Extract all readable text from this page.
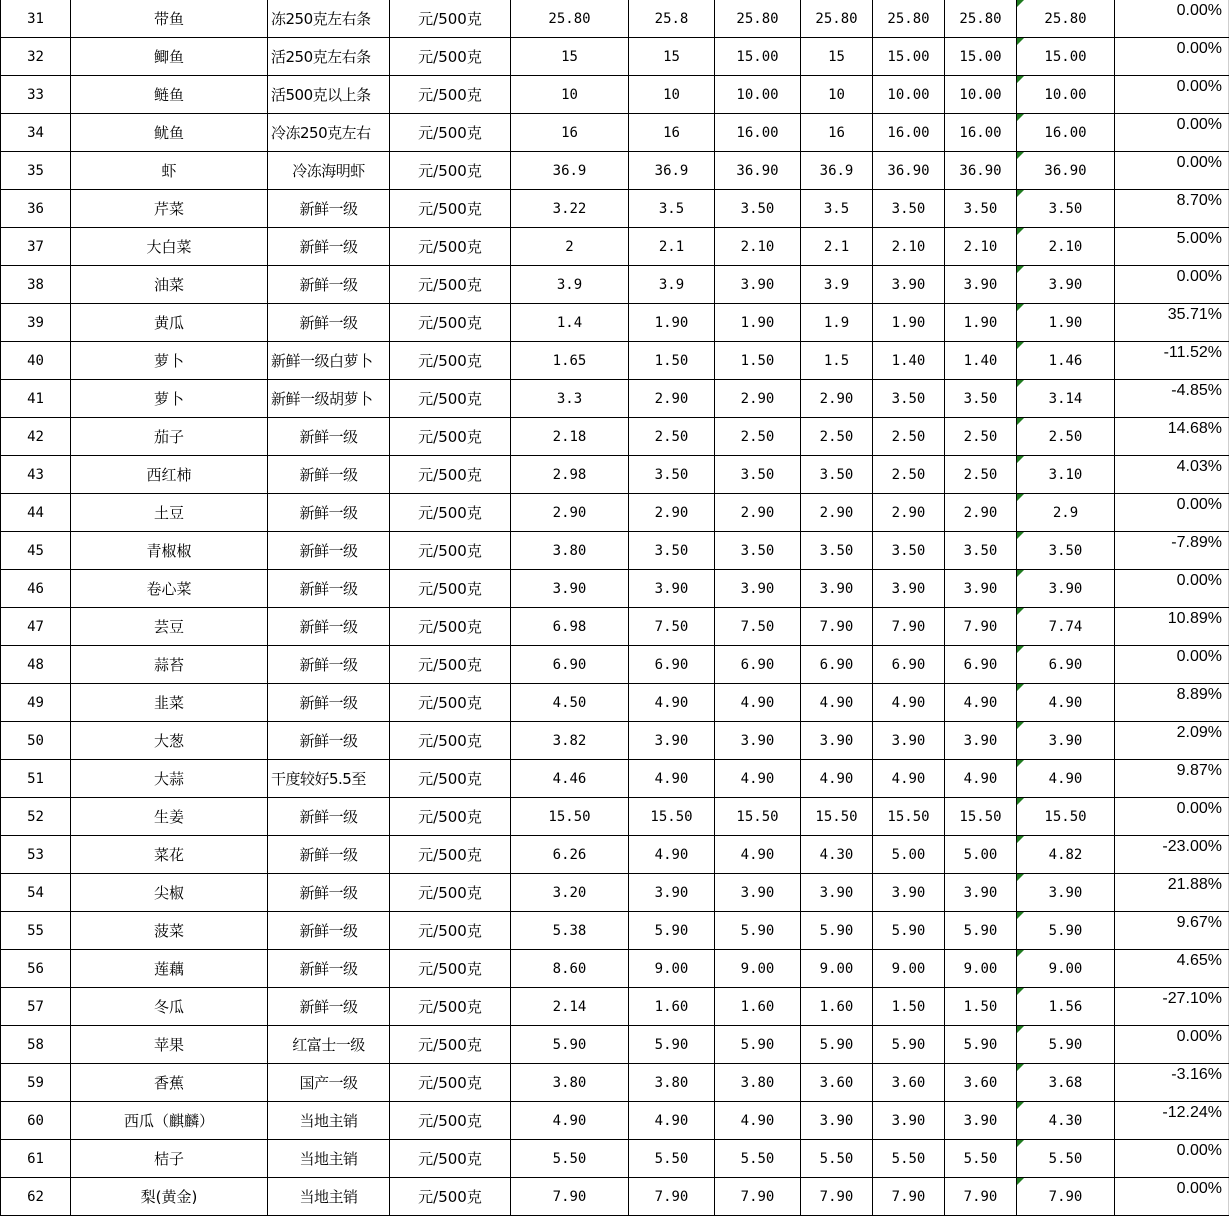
31	带鱼	冻250克左右条	元/500克	25.80	25.8	25.80	25.80	25.80	25.80	25.80	0.00%
32	鲫鱼	活250克左右条	元/500克	15	15	15.00	15	15.00	15.00	15.00	0.00%
33	鲢鱼	活500克以上条	元/500克	10	10	10.00	10	10.00	10.00	10.00	0.00%
34	鱿鱼	冷冻250克左右	元/500克	16	16	16.00	16	16.00	16.00	16.00	0.00%
35	虾	冷冻海明虾	元/500克	36.9	36.9	36.90	36.9	36.90	36.90	36.90	0.00%
36	芹菜	新鲜一级	元/500克	3.22	3.5	3.50	3.5	3.50	3.50	3.50	8.70%
37	大白菜	新鲜一级	元/500克	2	2.1	2.10	2.1	2.10	2.10	2.10	5.00%
38	油菜	新鲜一级	元/500克	3.9	3.9	3.90	3.9	3.90	3.90	3.90	0.00%
39	黄瓜	新鲜一级	元/500克	1.4	1.90	1.90	1.9	1.90	1.90	1.90	35.71%
40	萝卜	新鲜一级白萝卜	元/500克	1.65	1.50	1.50	1.5	1.40	1.40	1.46	-11.52%
41	萝卜	新鲜一级胡萝卜	元/500克	3.3	2.90	2.90	2.90	3.50	3.50	3.14	-4.85%
42	茄子	新鲜一级	元/500克	2.18	2.50	2.50	2.50	2.50	2.50	2.50	14.68%
43	西红柿	新鲜一级	元/500克	2.98	3.50	3.50	3.50	2.50	2.50	3.10	4.03%
44	土豆	新鲜一级	元/500克	2.90	2.90	2.90	2.90	2.90	2.90	2.9	0.00%
45	青椒椒	新鲜一级	元/500克	3.80	3.50	3.50	3.50	3.50	3.50	3.50	-7.89%
46	卷心菜	新鲜一级	元/500克	3.90	3.90	3.90	3.90	3.90	3.90	3.90	0.00%
47	芸豆	新鲜一级	元/500克	6.98	7.50	7.50	7.90	7.90	7.90	7.74	10.89%
48	蒜苔	新鲜一级	元/500克	6.90	6.90	6.90	6.90	6.90	6.90	6.90	0.00%
49	韭菜	新鲜一级	元/500克	4.50	4.90	4.90	4.90	4.90	4.90	4.90	8.89%
50	大葱	新鲜一级	元/500克	3.82	3.90	3.90	3.90	3.90	3.90	3.90	2.09%
51	大蒜	干度较好5.5至	元/500克	4.46	4.90	4.90	4.90	4.90	4.90	4.90	9.87%
52	生姜	新鲜一级	元/500克	15.50	15.50	15.50	15.50	15.50	15.50	15.50	0.00%
53	菜花	新鲜一级	元/500克	6.26	4.90	4.90	4.30	5.00	5.00	4.82	-23.00%
54	尖椒	新鲜一级	元/500克	3.20	3.90	3.90	3.90	3.90	3.90	3.90	21.88%
55	菠菜	新鲜一级	元/500克	5.38	5.90	5.90	5.90	5.90	5.90	5.90	9.67%
56	莲藕	新鲜一级	元/500克	8.60	9.00	9.00	9.00	9.00	9.00	9.00	4.65%
57	冬瓜	新鲜一级	元/500克	2.14	1.60	1.60	1.60	1.50	1.50	1.56	-27.10%
58	苹果	红富士一级	元/500克	5.90	5.90	5.90	5.90	5.90	5.90	5.90	0.00%
59	香蕉	国产一级	元/500克	3.80	3.80	3.80	3.60	3.60	3.60	3.68	-3.16%
60	西瓜（麒麟）	当地主销	元/500克	4.90	4.90	4.90	3.90	3.90	3.90	4.30	-12.24%
61	桔子	当地主销	元/500克	5.50	5.50	5.50	5.50	5.50	5.50	5.50	0.00%
62	梨(黄金)	当地主销	元/500克	7.90	7.90	7.90	7.90	7.90	7.90	7.90	0.00%
